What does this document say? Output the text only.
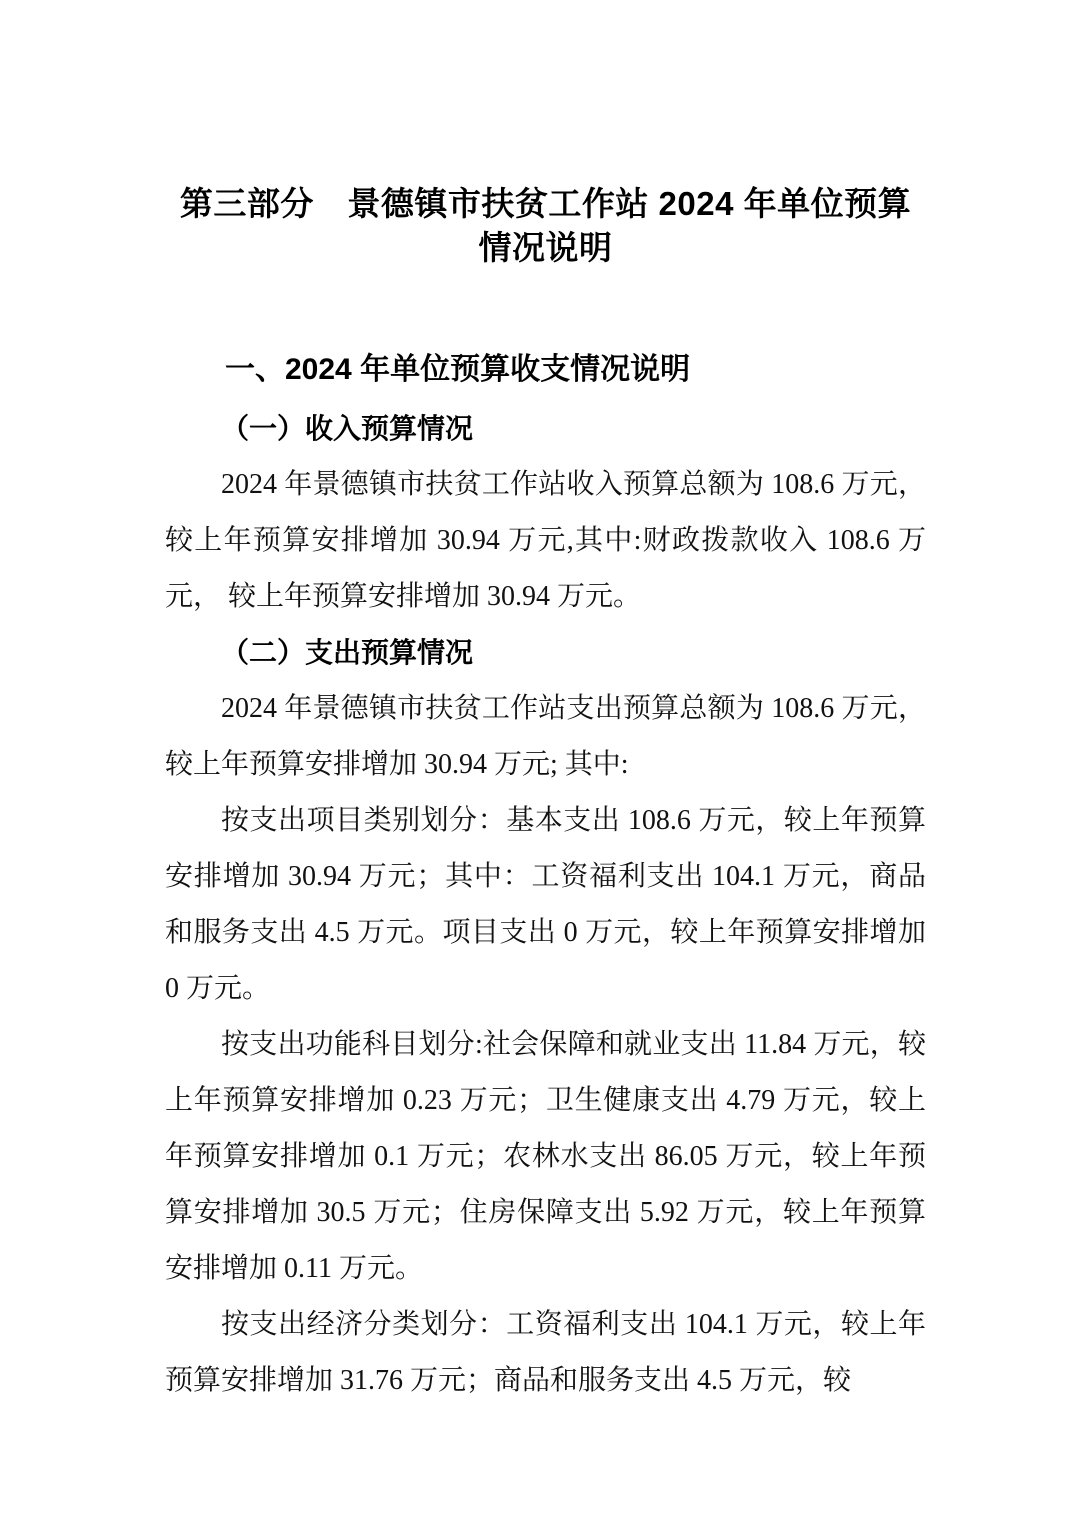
第三部分　景德镇市扶贫工作站 2024 年单位预算情况说明
一、2024 年单位预算收支情况说明
（一）收入预算情况
2024 年景德镇市扶贫工作站收入预算总额为 108.6 万元，较上年预算安排增加 30.94 万元,其中:财政拨款收入 108.6 万元， 较上年预算安排增加 30.94 万元。
（二）支出预算情况
2024 年景德镇市扶贫工作站支出预算总额为 108.6 万元，较上年预算安排增加 30.94 万元; 其中:
按支出项目类别划分：基本支出 108.6 万元，较上年预算安排增加 30.94 万元；其中：工资福利支出 104.1 万元，商品和服务支出 4.5 万元。项目支出 0 万元，较上年预算安排增加 0 万元。
按支出功能科目划分:社会保障和就业支出 11.84 万元，较上年预算安排增加 0.23 万元；卫生健康支出 4.79 万元，较上年预算安排增加 0.1 万元；农林水支出 86.05 万元，较上年预算安排增加 30.5 万元；住房保障支出 5.92 万元，较上年预算安排增加 0.11 万元。
按支出经济分类划分：工资福利支出 104.1 万元，较上年预算安排增加 31.76 万元；商品和服务支出 4.5 万元，较
